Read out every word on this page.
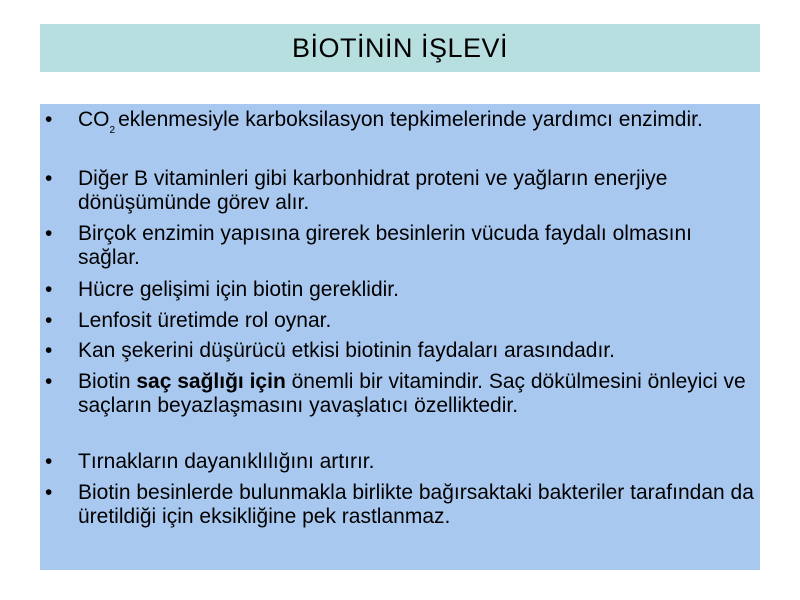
BİOTİNİN İŞLEVİ
• $CO_2$ eklenmesiyle karboksilasyon tepkimelerinde yardımcı enzimdir.
• Diğer B vitaminleri gibi karbonhidrat proteni ve yağların enerjiye dönüşümünde görev alır.
• Birçok enzimin yapısına girerek besinlerin vücuda faydalı olmasını sağlar.
• Hücre gelişimi için biotin gereklidir.
• Lenfosit üretimde rol oynar.
• Kan şekerini düşürücü etkisi biotinin faydaları arasındadır.
• Biotin saç sağlığı için önemli bir vitamindir. Saç dökülmesini önleyici ve saçların beyazlaşmasını yavaşlatıcı özelliktedir.
• Tırnakların dayanıklılığını artırır.
• Biotin besinlerde bulunmakla birlikte bağırsaktaki bakteriler tarafından da üretildiği için eksikliğine pek rastlanmaz.
